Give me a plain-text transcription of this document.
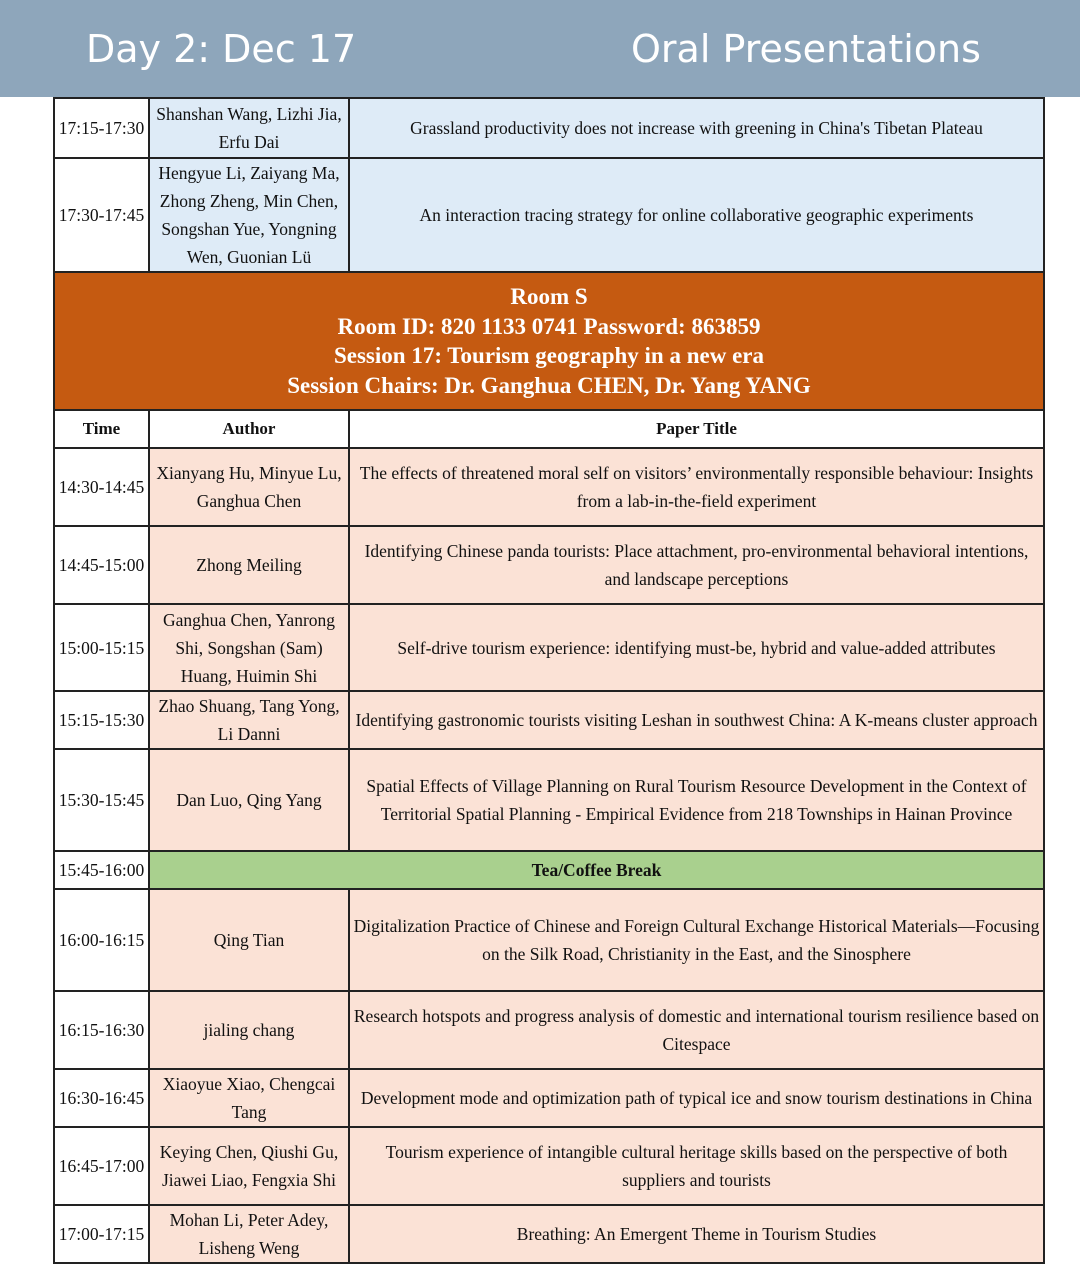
Day 2: Dec 17	Oral Presentations
17:15-17:30	Shanshan Wang, Lizhi Jia, Erfu Dai	Grassland productivity does not increase with greening in China's Tibetan Plateau
17:30-17:45	Hengyue Li, Zaiyang Ma, Zhong Zheng, Min Chen, Songshan Yue, Yongning Wen, Guonian Lü	An interaction tracing strategy for online collaborative geographic experiments

Room S
Room ID: 820 1133 0741 Password: 863859
Session 17: Tourism geography in a new era
Session Chairs: Dr. Ganghua CHEN, Dr. Yang YANG		

Time	Author	Paper Title
14:30-14:45	Xianyang Hu, Minyue Lu, Ganghua Chen	The effects of threatened moral self on visitors’ environmentally responsible behaviour: Insights from a lab-in-the-field experiment
14:45-15:00	Zhong Meiling	Identifying Chinese panda tourists: Place attachment, pro-environmental behavioral intentions, and landscape perceptions
15:00-15:15	Ganghua Chen, Yanrong Shi, Songshan (Sam) Huang, Huimin Shi	Self-drive tourism experience: identifying must-be, hybrid and value-added attributes
15:15-15:30	Zhao Shuang, Tang Yong, Li Danni	Identifying gastronomic tourists visiting Leshan in southwest China: A K-means cluster approach
15:30-15:45	Dan Luo, Qing Yang	Spatial Effects of Village Planning on Rural Tourism Resource Development in the Context of Territorial Spatial Planning - Empirical Evidence from 218 Townships in Hainan Province
15:45-16:00	Tea/Coffee Break	
16:00-16:15	Qing Tian	Digitalization Practice of Chinese and Foreign Cultural Exchange Historical Materials—Focusing on the Silk Road, Christianity in the East, and the Sinosphere
16:15-16:30	jialing chang	Research hotspots and progress analysis of domestic and international tourism resilience based on Citespace
16:30-16:45	Xiaoyue Xiao, Chengcai Tang	Development mode and optimization path of typical ice and snow tourism destinations in China
16:45-17:00	Keying Chen, Qiushi Gu, Jiawei Liao, Fengxia Shi	Tourism experience of intangible cultural heritage skills based on the perspective of both suppliers and tourists
17:00-17:15	Mohan Li, Peter Adey, Lisheng Weng	Breathing: An Emergent Theme in Tourism Studies
